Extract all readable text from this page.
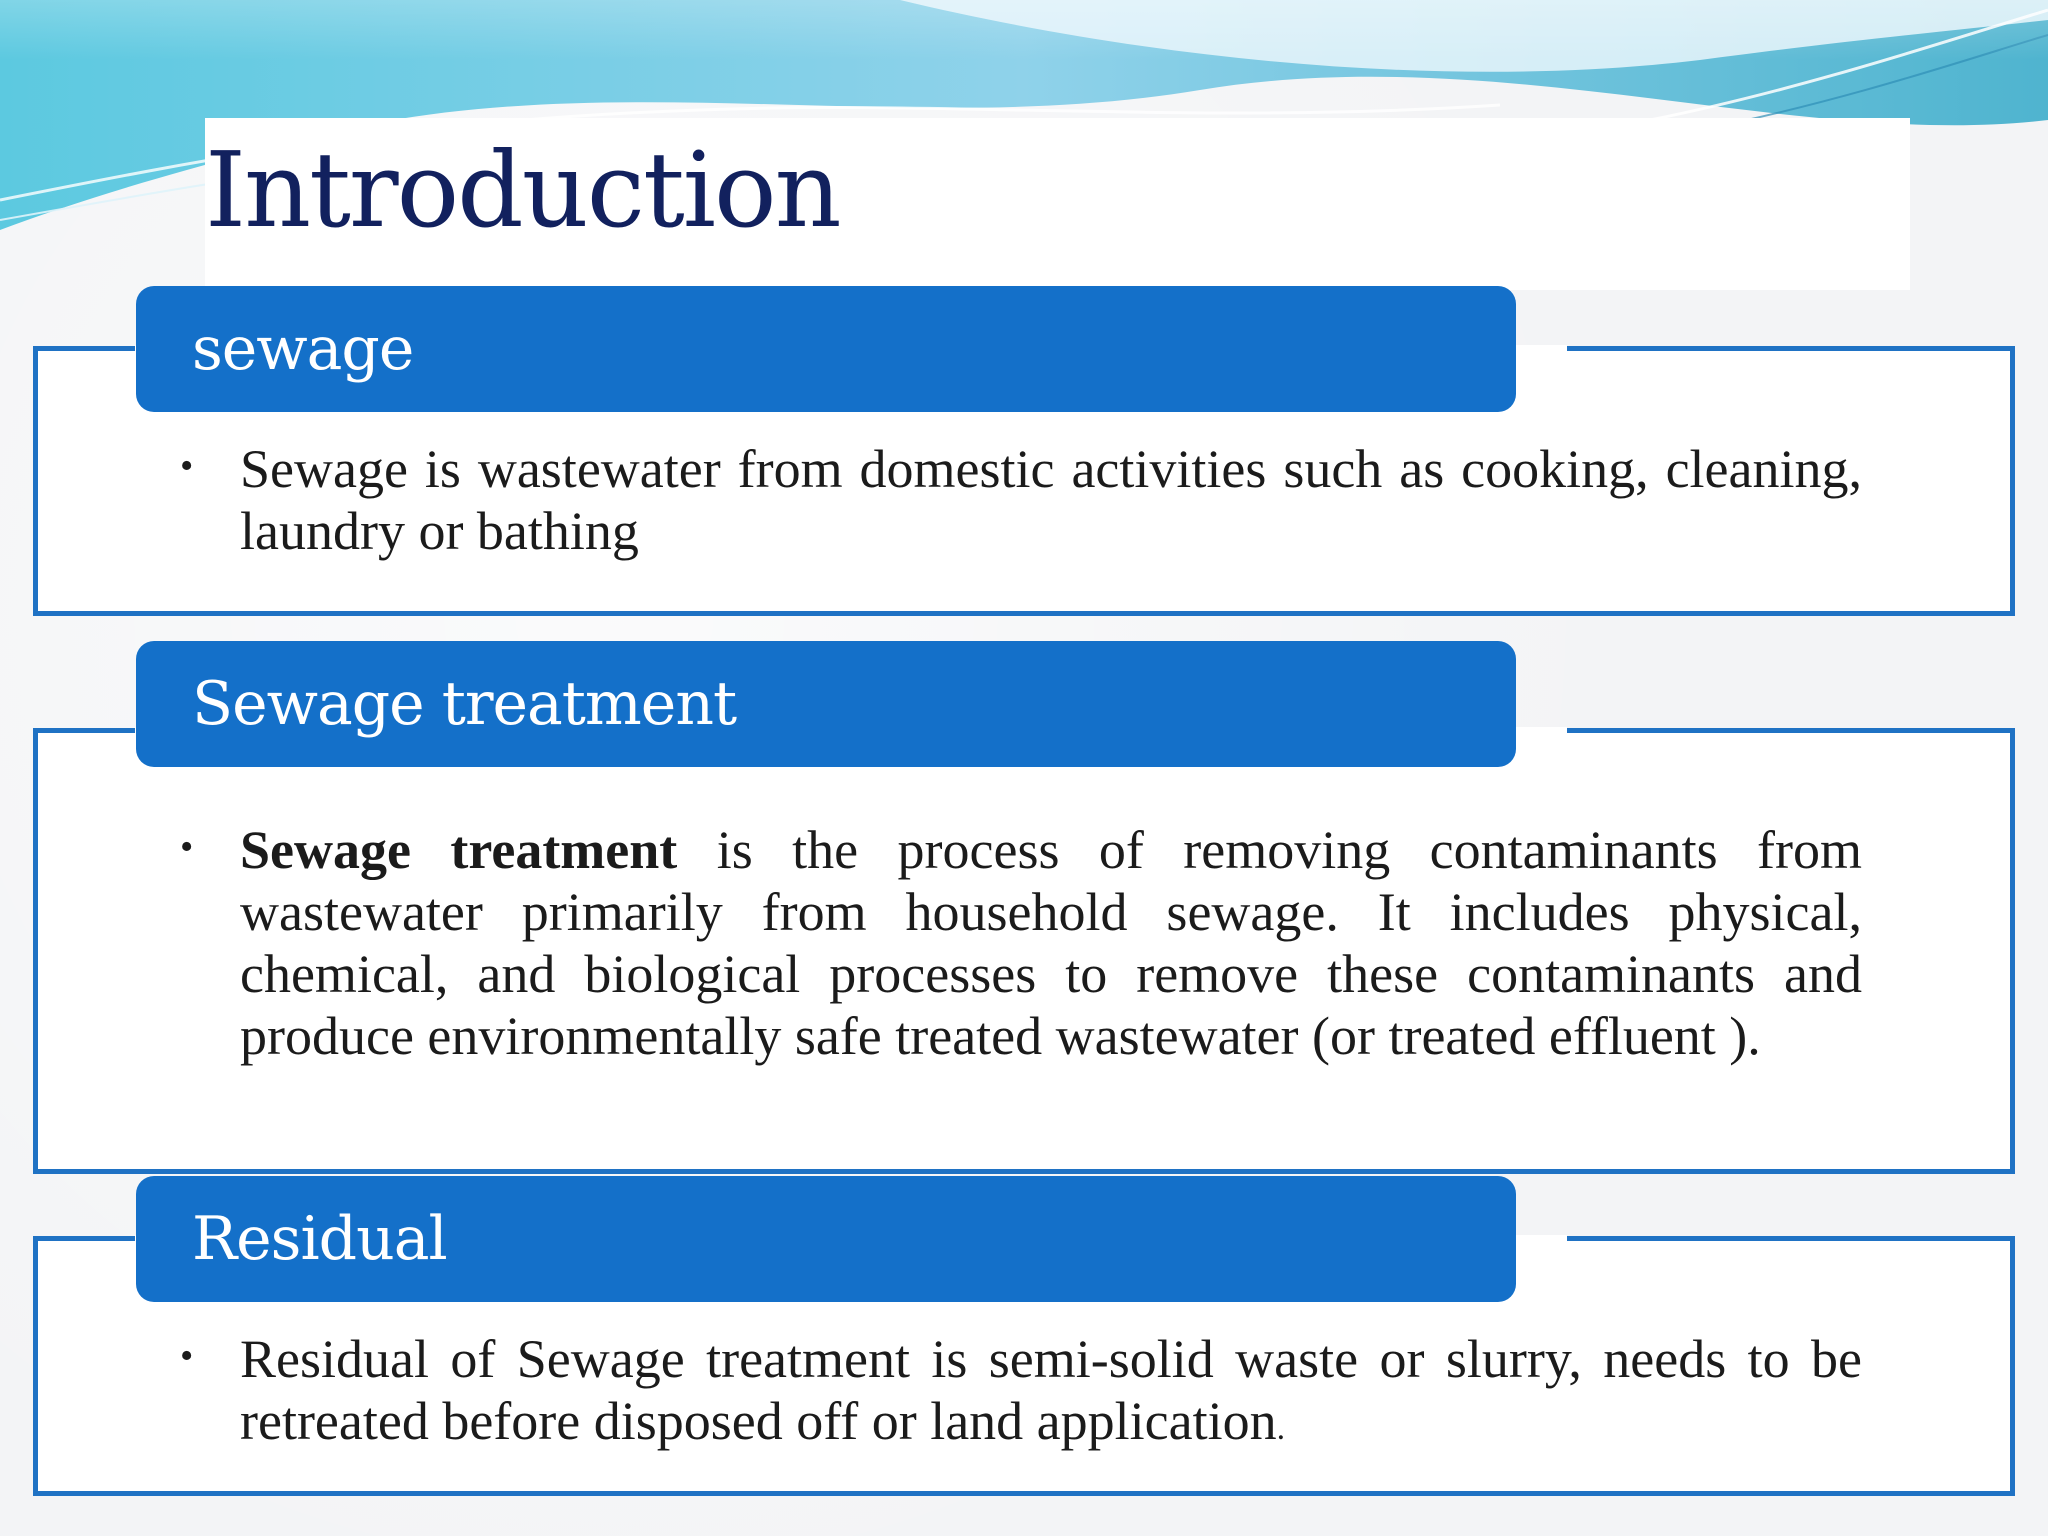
Introduction
sewage
• Sewage is wastewater from domestic activities such as cooking, cleaning, laundry or bathing

Sewage treatment
• Sewage treatment is the process of removing contaminants from wastewater primarily from household sewage. It includes physical, chemical, and biological processes to remove these contaminants and produce environmentally safe treated wastewater (or treated effluent ).

Residual
• Residual of Sewage treatment is semi-solid waste or slurry, needs to be retreated before disposed off or land application.
